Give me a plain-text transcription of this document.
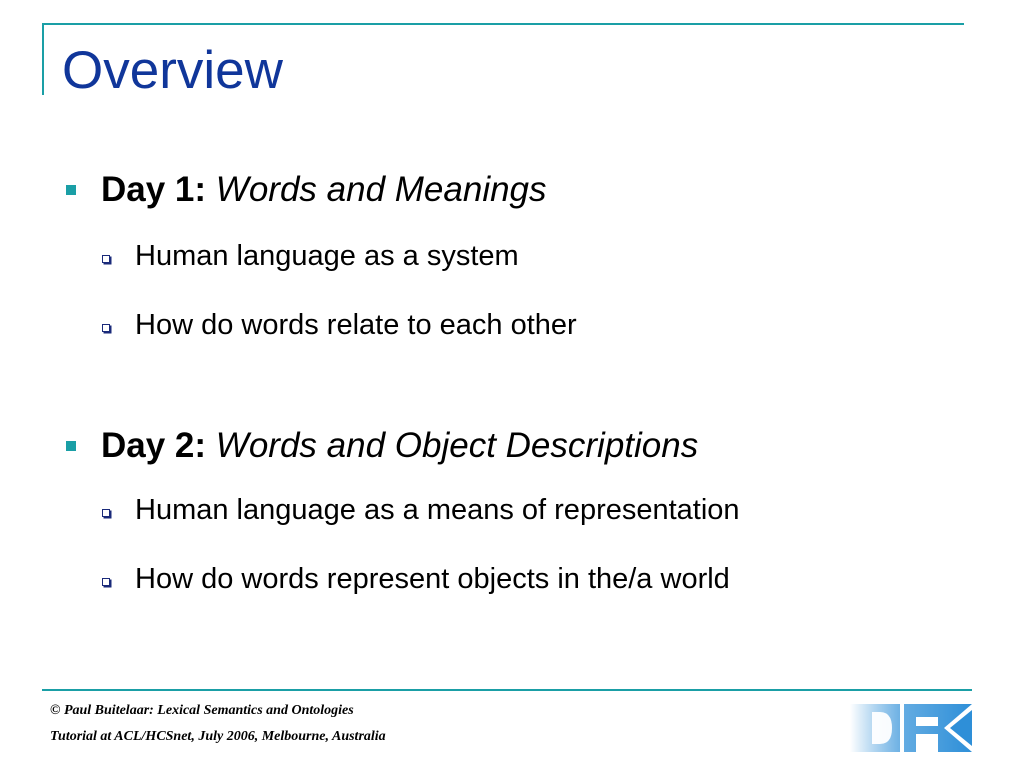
Overview
Day 1: Words and Meanings
Human language as a system
How do words relate to each other
Day 2: Words and Object Descriptions
Human language as a means of representation
How do words represent objects in the/a world
© Paul Buitelaar: Lexical Semantics and Ontologies
Tutorial at ACL/HCSnet, July 2006, Melbourne, Australia
